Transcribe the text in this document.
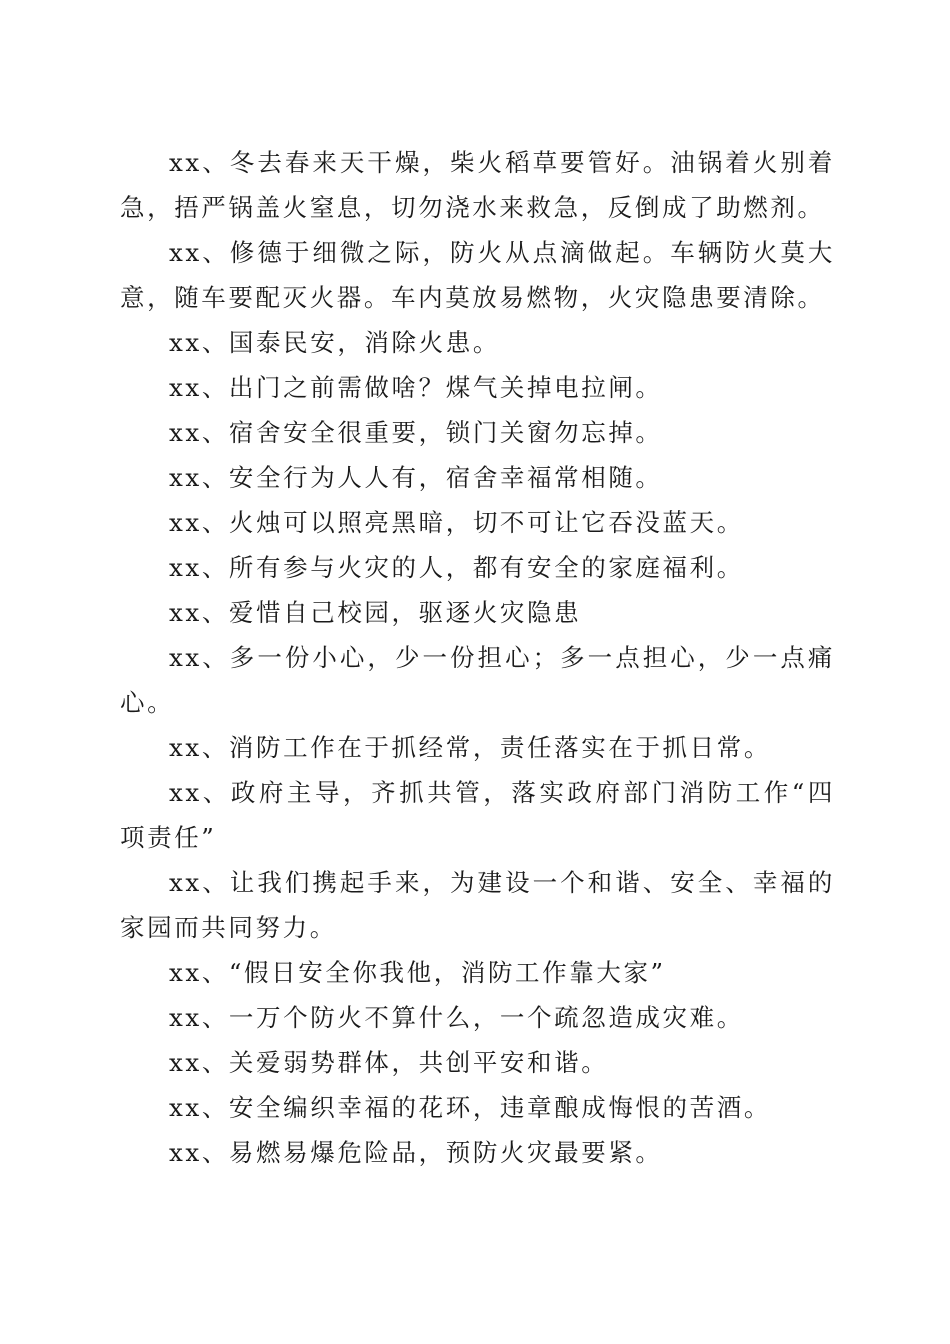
xx、冬去春来天干燥，柴火稻草要管好。油锅着火别着急，捂严锅盖火窒息，切勿浇水来救急，反倒成了助燃剂。

xx、修德于细微之际，防火从点滴做起。车辆防火莫大意，随车要配灭火器。车内莫放易燃物，火灾隐患要清除。

xx、国泰民安，消除火患。

xx、出门之前需做啥？煤气关掉电拉闸。

xx、宿舍安全很重要，锁门关窗勿忘掉。

xx、安全行为人人有，宿舍幸福常相随。

xx、火烛可以照亮黑暗，切不可让它吞没蓝天。

xx、所有参与火灾的人，都有安全的家庭福利。

xx、爱惜自己校园，驱逐火灾隐患

xx、多一份小心，少一份担心；多一点担心，少一点痛心。

xx、消防工作在于抓经常，责任落实在于抓日常。

xx、政府主导，齐抓共管，落实政府部门消防工作“四项责任”

xx、让我们携起手来，为建设一个和谐、安全、幸福的家园而共同努力。

xx、“假日安全你我他，消防工作靠大家”

xx、一万个防火不算什么，一个疏忽造成灾难。

xx、关爱弱势群体，共创平安和谐。

xx、安全编织幸福的花环，违章酿成悔恨的苦酒。

xx、易燃易爆危险品，预防火灾最要紧。
